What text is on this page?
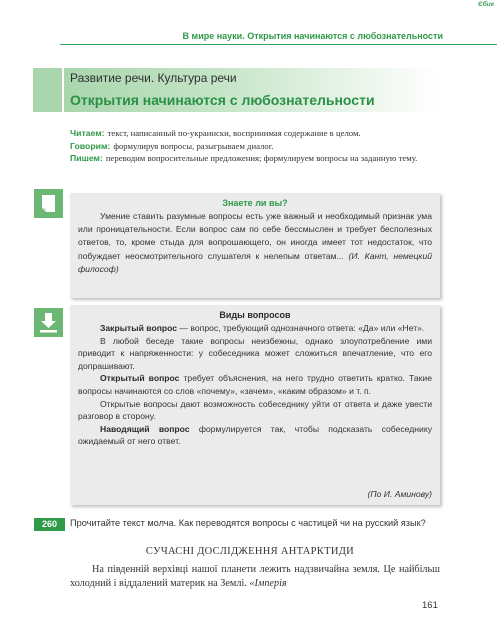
Єбuк
В мире науки. Открытия начинаются с любознательности
Развитие речи. Культура речи
Открытия начинаются с любознательности
Читаем: текст, написанный по-украински, воспринимая содержание в целом.
Говорим: формулируя вопросы, разыгрываем диалог.
Пишем: переводим вопросительные предложения; формулируем вопросы на заданную тему.
Знаете ли вы?
Умение ставить разумные вопросы есть уже важный и необходимый признак ума или проницательности. Если вопрос сам по себе бессмыслен и требует бесполезных ответов, то, кроме стыда для вопрошающего, он иногда имеет тот недостаток, что побуждает неосмотрительного слушателя к нелепым ответам... (И. Кант, немецкий философ)
Виды вопросов

Закрытый вопрос — вопрос, требующий однозначного ответа: «Да» или «Нет».

В любой беседе такие вопросы неизбежны, однако злоупотребление ими приводит к напряженности: у собеседника может сложиться впечатление, что его допрашивают.

Открытый вопрос требует объяснения, на него трудно ответить кратко. Такие вопросы начинаются со слов «почему», «зачем», «каким образом» и т. п.

Открытые вопросы дают возможность собеседнику уйти от ответа и даже увести разговор в сторону.

Наводящий вопрос формулируется так, чтобы подсказать собеседнику ожидаемый от него ответ.

(По И. Аминову)
260	Прочитайте текст молча. Как переводятся вопросы с частицей чи на русский язык?
СУЧАСНІ ДОСЛІДЖЕННЯ АНТАРКТИДИ
На південній верхівці нашої планети лежить надзвичайна земля. Це найбільш холодний і віддалений материк на Землі. «Імперія
161
